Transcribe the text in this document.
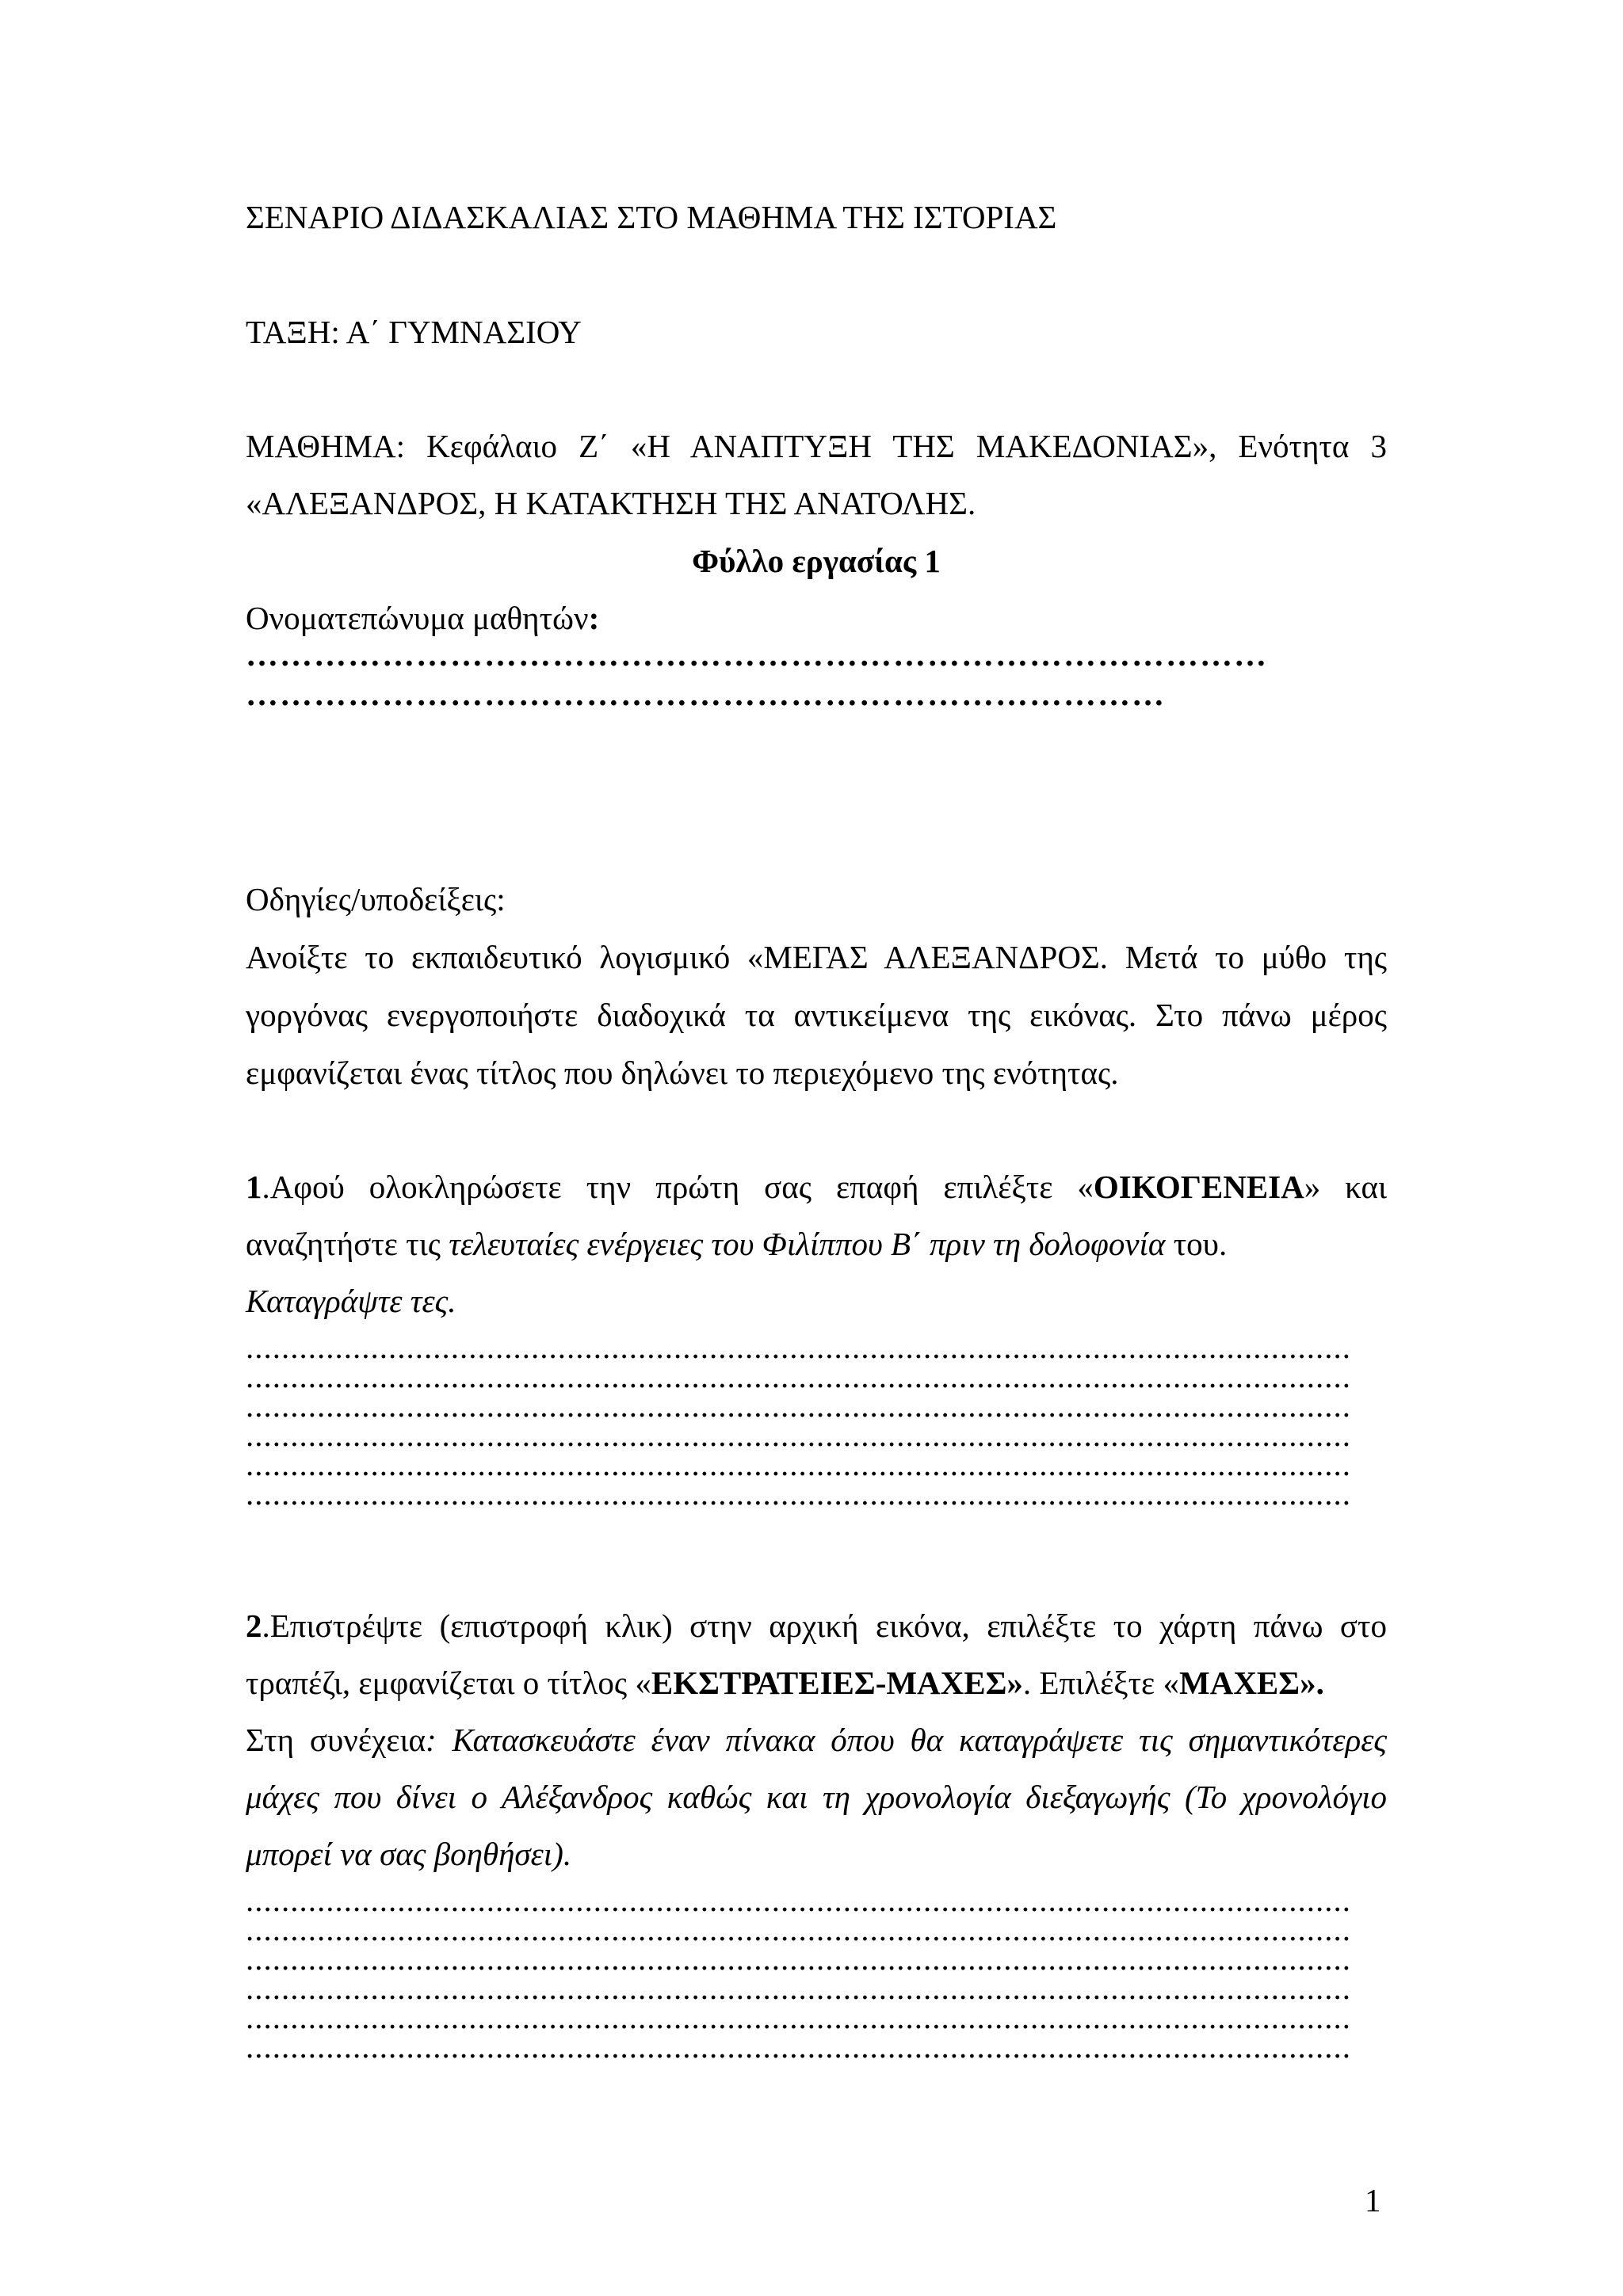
ΣΕΝΑΡΙΟ ΔΙΔΑΣΚΑΛΙΑΣ ΣΤΟ ΜΑΘΗΜΑ ΤΗΣ ΙΣΤΟΡΙΑΣ
ΤΑΞΗ: Α΄ ΓΥΜΝΑΣΙΟΥ
ΜΑΘΗΜΑ: Κεφάλαιο Ζ΄ «Η ΑΝΑΠΤΥΞΗ ΤΗΣ ΜΑΚΕΔΟΝΙΑΣ», Ενότητα 3
«ΑΛΕΞΑΝΔΡΟΣ, Η ΚΑΤΑΚΤΗΣΗ ΤΗΣ ΑΝΑΤΟΛΗΣ.
Φύλλο εργασίας 1
Ονοματεπώνυμα μαθητών:
………………………………………………………………………………
………………………………………………………………………
Οδηγίες/υποδείξεις:
Ανοίξτε το εκπαιδευτικό λογισμικό «ΜΕΓΑΣ ΑΛΕΞΑΝΔΡΟΣ. Μετά το μύθο της
γοργόνας ενεργοποιήστε διαδοχικά τα αντικείμενα της εικόνας. Στο πάνω μέρος
εμφανίζεται ένας τίτλος που δηλώνει το περιεχόμενο της ενότητας.
1.Αφού ολοκληρώσετε την πρώτη σας επαφή επιλέξτε «ΟΙΚΟΓΕΝΕΙΑ» και
αναζητήστε τις τελευταίες ενέργειες του Φιλίππου Β΄ πριν τη δολοφονία του.
Καταγράψτε τες.
............................................................................................................................
............................................................................................................................
............................................................................................................................
............................................................................................................................
............................................................................................................................
............................................................................................................................
2.Επιστρέψτε (επιστροφή κλικ) στην αρχική εικόνα, επιλέξτε το χάρτη πάνω στο
τραπέζι, εμφανίζεται ο τίτλος «ΕΚΣΤΡΑΤΕΙΕΣ-ΜΑΧΕΣ». Επιλέξτε «ΜΑΧΕΣ».
Στη συνέχεια: Κατασκευάστε έναν πίνακα όπου θα καταγράψετε τις σημαντικότερες
μάχες που δίνει ο Αλέξανδρος καθώς και τη χρονολογία διεξαγωγής (Το χρονολόγιο
μπορεί να σας βοηθήσει).
............................................................................................................................
............................................................................................................................
............................................................................................................................
............................................................................................................................
............................................................................................................................
............................................................................................................................
1
